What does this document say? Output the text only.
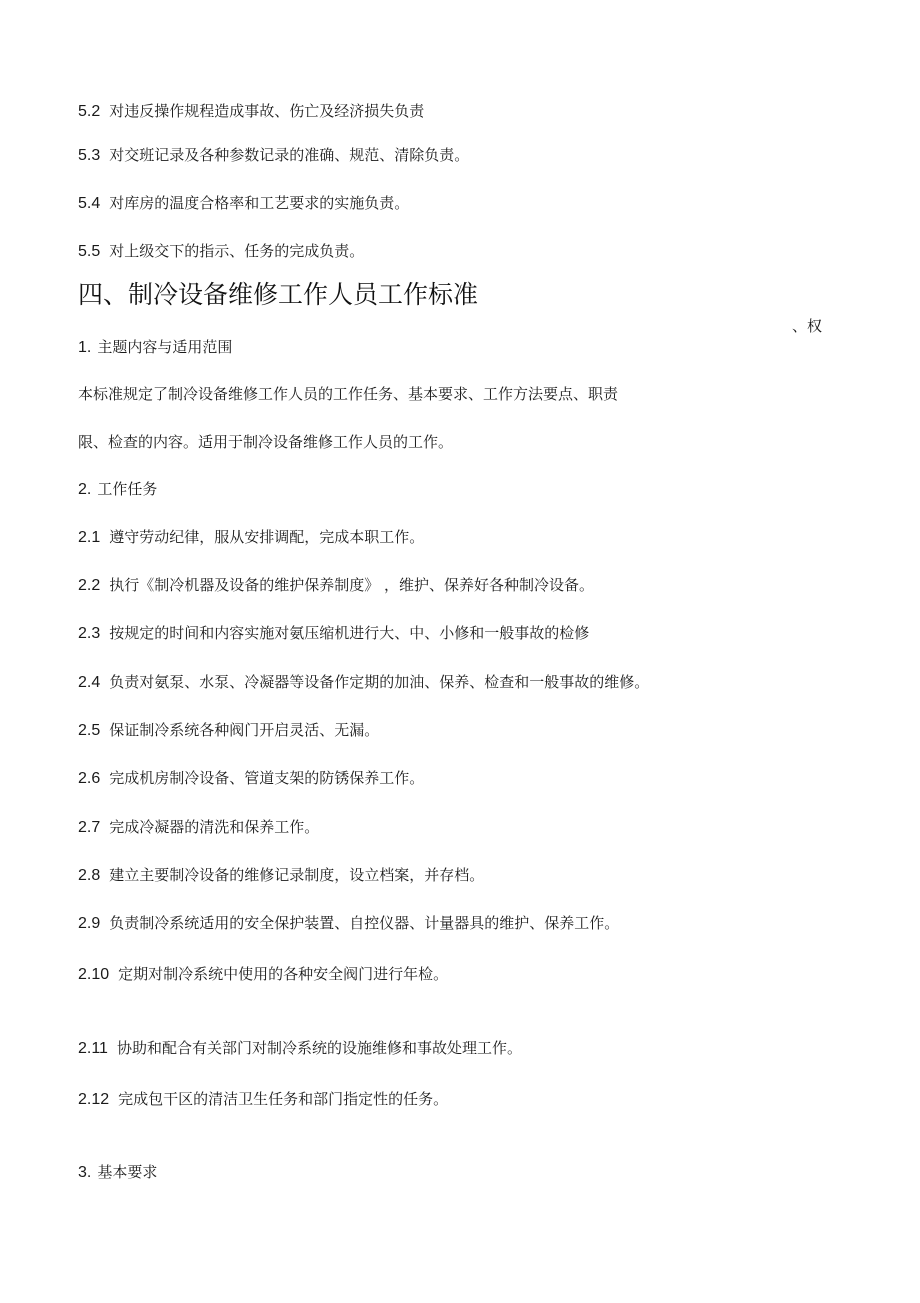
5.2 对违反操作规程造成事故、伤亡及经济损失负责
5.3 对交班记录及各种参数记录的准确、规范、清除负责。
5.4 对库房的温度合格率和工艺要求的实施负责。
5.5 对上级交下的指示、任务的完成负责。
四、制冷设备维修工作人员工作标准
、权
1. 主题内容与适用范围
本标准规定了制冷设备维修工作人员的工作任务、基本要求、工作方法要点、职责
限、检查的内容。适用于制冷设备维修工作人员的工作。
2. 工作任务
2.1 遵守劳动纪律，服从安排调配，完成本职工作。
2.2 执行《制冷机器及设备的维护保养制度》 ，维护、保养好各种制冷设备。
2.3 按规定的时间和内容实施对氨压缩机进行大、中、小修和一般事故的检修
2.4 负责对氨泵、水泵、冷凝器等设备作定期的加油、保养、检查和一般事故的维修。
2.5 保证制冷系统各种阀门开启灵活、无漏。
2.6 完成机房制冷设备、管道支架的防锈保养工作。
2.7 完成冷凝器的清洗和保养工作。
2.8 建立主要制冷设备的维修记录制度，设立档案，并存档。
2.9 负责制冷系统适用的安全保护装置、自控仪器、计量器具的维护、保养工作。
2.10 定期对制冷系统中使用的各种安全阀门进行年检。
2.11 协助和配合有关部门对制冷系统的设施维修和事故处理工作。
2.12 完成包干区的清洁卫生任务和部门指定性的任务。
3. 基本要求
